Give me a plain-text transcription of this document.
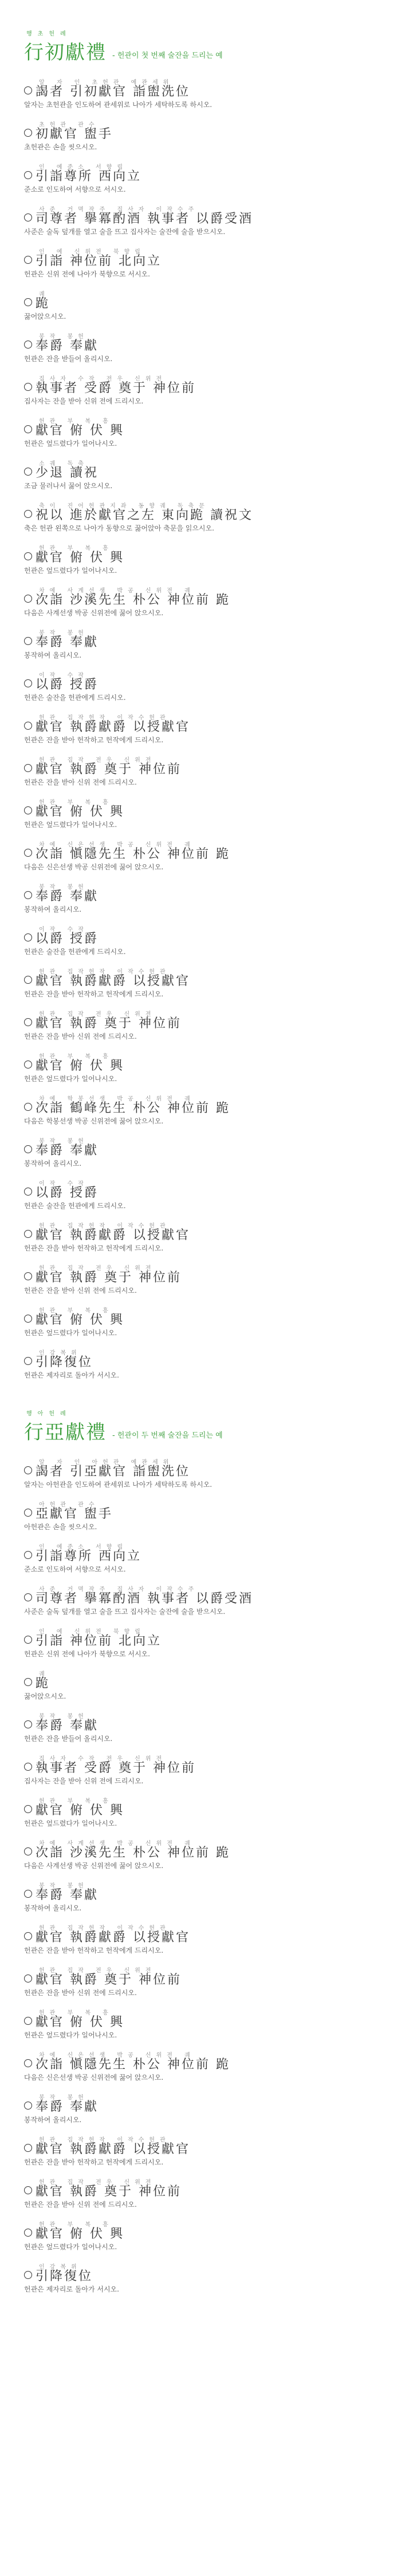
행초헌례
行初獻禮 - 헌관이 첫 번째 술잔을 드리는 예
알 자 인 초헌관 예관세위
謁者 引初獻官 詣盥洗位
알자는 초헌관을 인도하여 관세위로 나아가 세탁하도록 하시오.
초헌관 관수
初獻官 盥手
초헌관은 손을 씻으시오.
인 예준소 서향립
引詣尊所 西向立
준소로 인도하여 서향으로 서시오.
사준 거멱작주 집사자 이작수주
司尊者 擧冪酌酒 執事者 以爵受酒
사준은 술독 덮개를 열고 술을 뜨고 집사자는 술잔에 술을 받으시오.
인 예 신위전 북향립
引詣 神位前 北向立
헌관은 신위 전에 나아가 북향으로 서시오.
궤
跪
꿇어앉으시오.
봉작 봉헌
奉爵 奉獻
헌관은 잔을 받들어 올리시오.
집사자 수작 전우 신위전
執事者 受爵 奠于 神位前
집사자는 잔을 받아 신위 전에 드리시오.
헌관 부 복 흥
獻官 俯 伏 興
헌관은 엎드렸다가 일어나시오.
소궤 독축
少退 讀祝
조금 물러나서 꿇어 앉으시오.
축이 진어헌관지좌 동향궤 독축문
祝以 進於獻官之左 東向跪 讀祝文
축은 헌관 왼쪽으로 나아가 동향으로 꿇어앉아 축문을 읽으시오.
헌관 부 복 흥
獻官 俯 伏 興
헌관은 엎드렸다가 일어나시오.
차예 사계선생 박공 신위전 궤
次詣 沙溪先生 朴公 神位前 跪
다음은 사계선생 박공 신위전에 꿇어 앉으시오.
봉작 봉헌
奉爵 奉獻
봉작하여 올리시오.
이작 수작
以爵 授爵
헌관은 술잔을 헌관에게 드리시오.
헌관 집작헌작 이작수헌관
獻官 執爵獻爵 以授獻官
헌관은 잔을 받아 헌작하고 헌작에게 드리시오.
헌관 집작 전우 신위전
獻官 執爵 奠于 神位前
헌관은 잔을 받아 신위 전에 드리시오.
헌관 부 복 흥
獻官 俯 伏 興
헌관은 엎드렸다가 일어나시오.
차예 신은선생 박공 신위전 궤
次詣 愼隱先生 朴公 神位前 跪
다음은 신은선생 박공 신위전에 꿇어 앉으시오.
봉작 봉헌
奉爵 奉獻
봉작하여 올리시오.
이작 수작
以爵 授爵
헌관은 술잔을 헌관에게 드리시오.
헌관 집작헌작 이작수헌관
獻官 執爵獻爵 以授獻官
헌관은 잔을 받아 헌작하고 헌작에게 드리시오.
헌관 집작 전우 신위전
獻官 執爵 奠于 神位前
헌관은 잔을 받아 신위 전에 드리시오.
헌관 부 복 흥
獻官 俯 伏 興
헌관은 엎드렸다가 일어나시오.
차예 학봉선생 박공 신위전 궤
次詣 鶴峰先生 朴公 神位前 跪
다음은 학봉선생 박공 신위전에 꿇어 앉으시오.
봉작 봉헌
奉爵 奉獻
봉작하여 올리시오.
이작 수작
以爵 授爵
헌관은 술잔을 헌관에게 드리시오.
헌관 집작헌작 이작수헌관
獻官 執爵獻爵 以授獻官
헌관은 잔을 받아 헌작하고 헌작에게 드리시오.
헌관 집작 전우 신위전
獻官 執爵 奠于 神位前
헌관은 잔을 받아 신위 전에 드리시오.
헌관 부 복 흥
獻官 俯 伏 興
헌관은 엎드렸다가 일어나시오.
인강복위
引降復位
헌관은 제자리로 돌아가 서시오.
행아헌례
行亞獻禮 - 헌관이 두 번째 술잔을 드리는 예
알 자 인 아헌관 예관세위
謁者 引亞獻官 詣盥洗位
알자는 아헌관을 인도하여 관세위로 나아가 세탁하도록 하시오.
아헌관 관수
亞獻官 盥手
아헌관은 손을 씻으시오.
인 예준소 서향립
引詣尊所 西向立
준소로 인도하여 서향으로 서시오.
사준 거멱작주 집사자 이작수주
司尊者 擧冪酌酒 執事者 以爵受酒
사준은 술독 덮개를 열고 술을 뜨고 집사자는 술잔에 술을 받으시오.
인 예 신위전 북향립
引詣 神位前 北向立
헌관은 신위 전에 나아가 북향으로 서시오.
궤
跪
꿇어앉으시오.
봉작 봉헌
奉爵 奉獻
헌관은 잔을 받들어 올리시오.
집사자 수작 전우 신위전
執事者 受爵 奠于 神位前
집사자는 잔을 받아 신위 전에 드리시오.
헌관 부 복 흥
獻官 俯 伏 興
헌관은 엎드렸다가 일어나시오.
차예 사계선생 박공 신위전 궤
次詣 沙溪先生 朴公 神位前 跪
다음은 사계선생 박공 신위전에 꿇어 앉으시오.
봉작 봉헌
奉爵 奉獻
봉작하여 올리시오.
헌관 집작헌작 이작수헌관
獻官 執爵獻爵 以授獻官
헌관은 잔을 받아 헌작하고 헌작에게 드리시오.
헌관 집작 전우 신위전
獻官 執爵 奠于 神位前
헌관은 잔을 받아 신위 전에 드리시오.
헌관 부 복 흥
獻官 俯 伏 興
헌관은 엎드렸다가 일어나시오.
차예 신은선생 박공 신위전 궤
次詣 愼隱先生 朴公 神位前 跪
다음은 신은선생 박공 신위전에 꿇어 앉으시오.
봉작 봉헌
奉爵 奉獻
봉작하여 올리시오.
헌관 집작헌작 이작수헌관
獻官 執爵獻爵 以授獻官
헌관은 잔을 받아 헌작하고 헌작에게 드리시오.
헌관 집작 전우 신위전
獻官 執爵 奠于 神位前
헌관은 잔을 받아 신위 전에 드리시오.
헌관 부 복 흥
獻官 俯 伏 興
헌관은 엎드렸다가 일어나시오.
인강복위
引降復位
헌관은 제자리로 돌아가 서시오.
